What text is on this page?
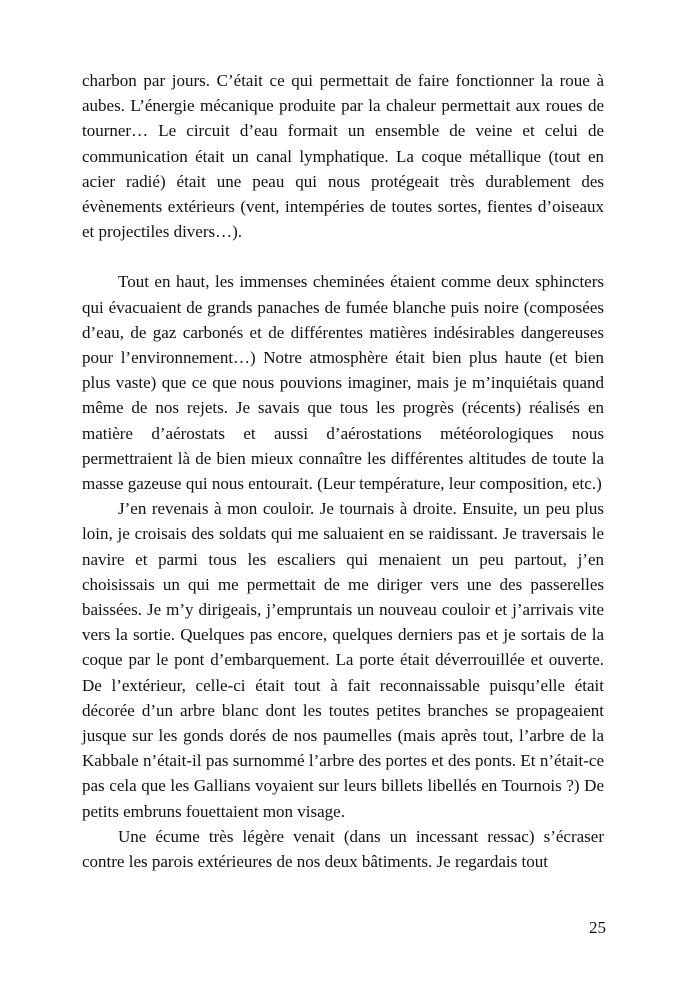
charbon par jours. C’était ce qui permettait de faire fonctionner la roue à aubes. L’énergie mécanique produite par la chaleur permettait aux roues de tourner… Le circuit d’eau formait un ensemble de veine et celui de communication était un canal lymphatique. La coque métallique (tout en acier radié) était une peau qui nous protégeait très durablement des évènements extérieurs (vent, intempéries de toutes sortes, fientes d’oiseaux et projectiles divers…).

Tout en haut, les immenses cheminées étaient comme deux sphincters qui évacuaient de grands panaches de fumée blanche puis noire (composées d’eau, de gaz carbonés et de différentes matières indésirables dangereuses pour l’environnement…) Notre atmosphère était bien plus haute (et bien plus vaste) que ce que nous pouvions imaginer, mais je m’inquiétais quand même de nos rejets. Je savais que tous les progrès (récents) réalisés en matière d’aérostats et aussi d’aérostations météorologiques nous permettraient là de bien mieux connaître les différentes altitudes de toute la masse gazeuse qui nous entourait. (Leur température, leur composition, etc.)

J’en revenais à mon couloir. Je tournais à droite. Ensuite, un peu plus loin, je croisais des soldats qui me saluaient en se raidissant. Je traversais le navire et parmi tous les escaliers qui menaient un peu partout, j’en choisissais un qui me permettait de me diriger vers une des passerelles baissées. Je m’y dirigeais, j’empruntais un nouveau couloir et j’arrivais vite vers la sortie. Quelques pas encore, quelques derniers pas et je sortais de la coque par le pont d’embarquement. La porte était déverrouillée et ouverte. De l’extérieur, celle-ci était tout à fait reconnaissable puisqu’elle était décorée d’un arbre blanc dont les toutes petites branches se propageaient jusque sur les gonds dorés de nos paumelles (mais après tout, l’arbre de la Kabbale n’était-il pas surnommé l’arbre des portes et des ponts. Et n’était-ce pas cela que les Gallians voyaient sur leurs billets libellés en Tournois ?) De petits embruns fouettaient mon visage.

Une écume très légère venait (dans un incessant ressac) s’écraser contre les parois extérieures de nos deux bâtiments. Je regardais tout

25
